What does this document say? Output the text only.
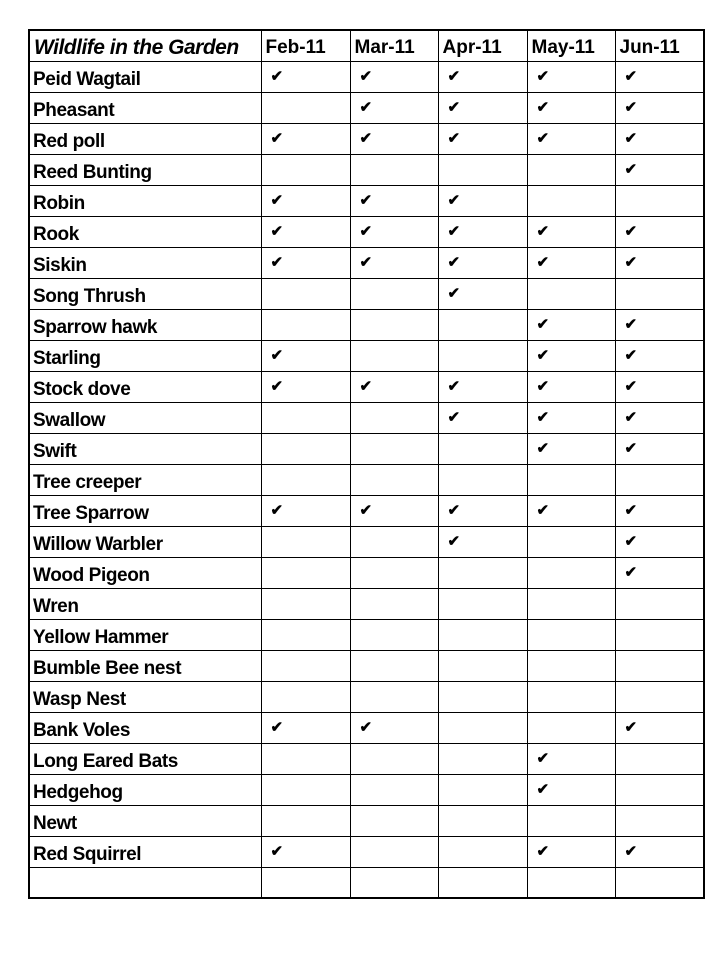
Wildlife in the Garden	Feb-11	Mar-11	Apr-11	May-11	Jun-11
Peid Wagtail	✔	✔	✔	✔	✔
Pheasant		✔	✔	✔	✔
Red poll	✔	✔	✔	✔	✔
Reed Bunting					✔
Robin	✔	✔	✔		
Rook	✔	✔	✔	✔	✔
Siskin	✔	✔	✔	✔	✔
Song Thrush			✔		
Sparrow hawk				✔	✔
Starling	✔			✔	✔
Stock dove	✔	✔	✔	✔	✔
Swallow			✔	✔	✔
Swift				✔	✔
Tree creeper					
Tree Sparrow	✔	✔	✔	✔	✔
Willow Warbler			✔		✔
Wood Pigeon					✔
Wren					
Yellow Hammer					
Bumble Bee nest					
Wasp Nest					
Bank Voles	✔	✔			✔
Long Eared Bats				✔	
Hedgehog				✔	
Newt					
Red Squirrel	✔			✔	✔
